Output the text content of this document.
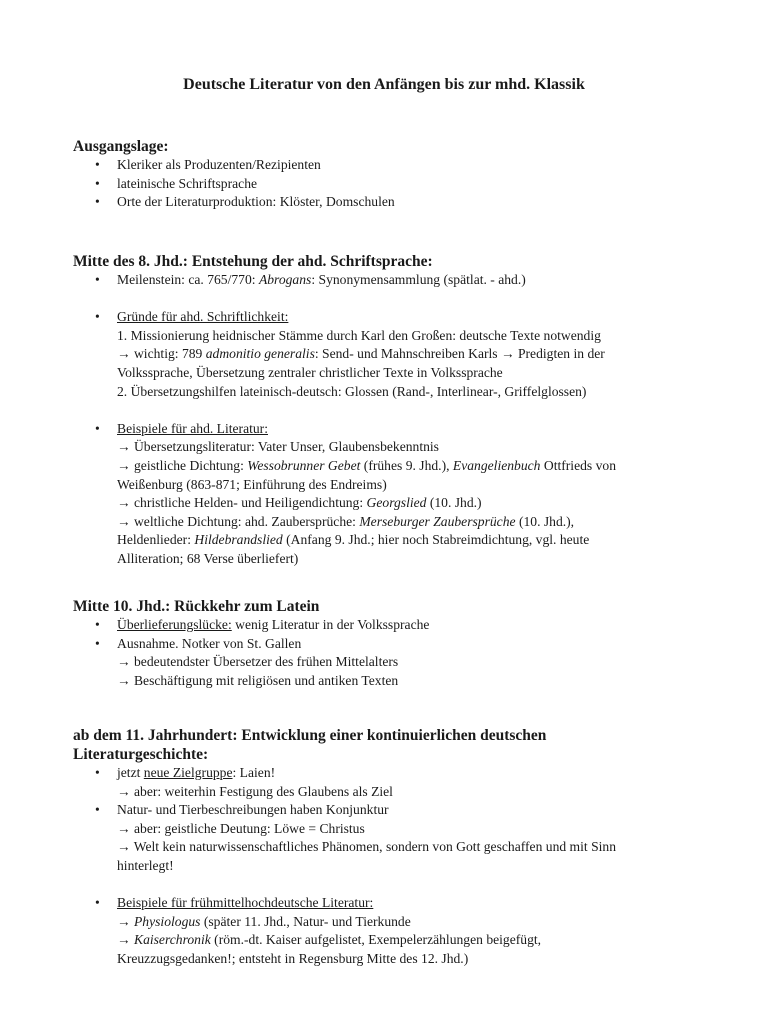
Deutsche Literatur von den Anfängen bis zur mhd. Klassik
Ausgangslage:
• Kleriker als Produzenten/Rezipienten
• lateinische Schriftsprache
• Orte der Literaturproduktion: Klöster, Domschulen
Mitte des 8. Jhd.: Entstehung der ahd. Schriftsprache:
• Meilenstein: ca. 765/770: Abrogans: Synonymensammlung (spätlat. - ahd.)
• Gründe für ahd. Schriftlichkeit:
1. Missionierung heidnischer Stämme durch Karl den Großen: deutsche Texte notwendig
→ wichtig: 789 admonitio generalis: Send- und Mahnschreiben Karls → Predigten in der
Volkssprache, Übersetzung zentraler christlicher Texte in Volkssprache
2. Übersetzungshilfen lateinisch-deutsch: Glossen (Rand-, Interlinear-, Griffelglossen)
• Beispiele für ahd. Literatur:
→ Übersetzungsliteratur: Vater Unser, Glaubensbekenntnis
→ geistliche Dichtung: Wessobrunner Gebet (frühes 9. Jhd.), Evangelienbuch Ottfrieds von
Weißenburg (863-871; Einführung des Endreims)
→ christliche Helden- und Heiligendichtung: Georgslied (10. Jhd.)
→ weltliche Dichtung: ahd. Zaubersprüche: Merseburger Zaubersprüche (10. Jhd.),
Heldenlieder: Hildebrandslied (Anfang 9. Jhd.; hier noch Stabreimdichtung, vgl. heute
Alliteration; 68 Verse überliefert)
Mitte 10. Jhd.: Rückkehr zum Latein
• Überlieferungslücke: wenig Literatur in der Volkssprache
• Ausnahme. Notker von St. Gallen
→ bedeutendster Übersetzer des frühen Mittelalters
→ Beschäftigung mit religiösen und antiken Texten
ab dem 11. Jahrhundert: Entwicklung einer kontinuierlichen deutschen
Literaturgeschichte:
• jetzt neue Zielgruppe: Laien!
→ aber: weiterhin Festigung des Glaubens als Ziel
• Natur- und Tierbeschreibungen haben Konjunktur
→ aber: geistliche Deutung: Löwe = Christus
→ Welt kein naturwissenschaftliches Phänomen, sondern von Gott geschaffen und mit Sinn
hinterlegt!
• Beispiele für frühmittelhochdeutsche Literatur:
→ Physiologus (später 11. Jhd., Natur- und Tierkunde
→ Kaiserchronik (röm.-dt. Kaiser aufgelistet, Exempelerzählungen beigefügt,
Kreuzzugsgedanken!; entsteht in Regensburg Mitte des 12. Jhd.)
